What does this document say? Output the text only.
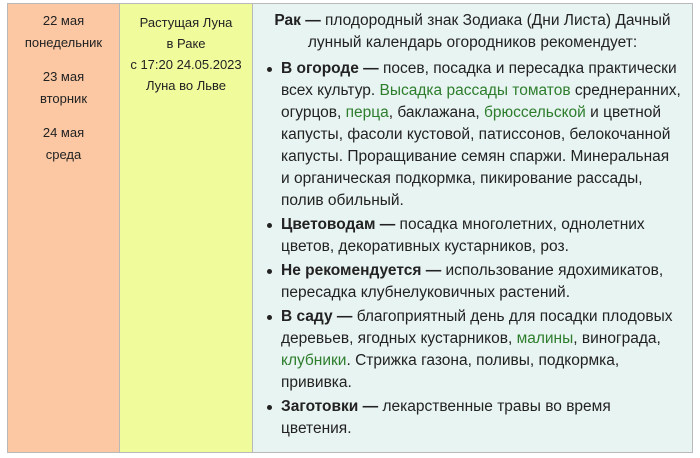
22 мая
понедельник
23 мая
вторник
24 мая
среда
Растущая Луна
в Раке
с 17:20 24.05.2023
Луна во Льве

Рак — плодородный знак Зодиака (Дни Листа) Дачный лунный календарь огородников рекомендует:

В огороде — посев, посадка и пересадка практически всех культур. Высадка рассады томатов среднеранних, огурцов, перца, баклажана, брюссельской и цветной капусты, фасоли кустовой, патиссонов, белокочанной капусты. Проращивание семян спаржи. Минеральная и органическая подкормка, пикирование рассады, полив обильный.
Цветоводам — посадка многолетних, однолетних цветов, декоративных кустарников, роз.
Не рекомендуется — использование ядохимикатов, пересадка клубнелуковичных растений.
В саду — благоприятный день для посадки плодовых деревьев, ягодных кустарников, малины, винограда, клубники. Стрижка газона, поливы, подкормка, прививка.
Заготовки — лекарственные травы во время цветения.
